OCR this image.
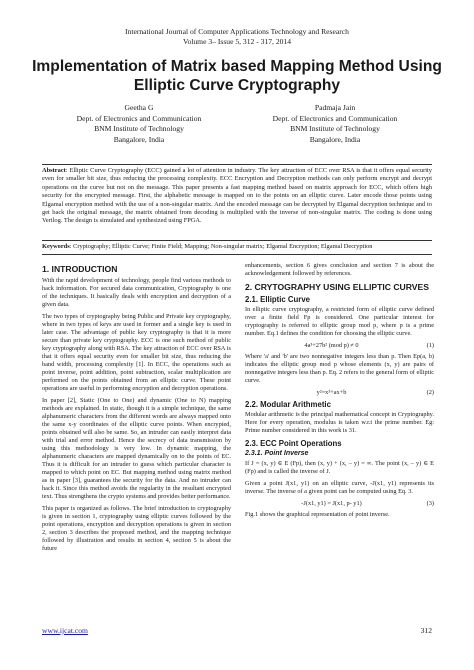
International Journal of Computer Applications Technology and Research
Volume 3– Issue 5, 312 - 317, 2014
Implementation of Matrix based Mapping Method Using Elliptic Curve Cryptography
Geetha G
Dept. of Electronics and Communication
BNM Institute of Technology
Bangalore, India
Padmaja Jain
Dept. of Electronics and Communication
BNM Institute of Technology
Bangalore, India
Abstract: Elliptic Curve Cryptography (ECC) gained a lot of attention in industry. The key attraction of ECC over RSA is that it offers equal security even for smaller bit size, thus reducing the processing complexity. ECC Encryption and Decryption methods can only perform encrypt and decrypt operations on the curve but not on the message. This paper presents a fast mapping method based on matrix approach for ECC, which offers high security for the encrypted message. First, the alphabetic message is mapped on to the points on an elliptic curve. Later encode those points using Elgamal encryption method with the use of a non-singular matrix. And the encoded message can be decrypted by Elgamal decryption technique and to get back the original message, the matrix obtained from decoding is multiplied with the inverse of non-singular matrix. The coding is done using Verilog. The design is simulated and synthesized using FPGA.
Keywords: Cryptography; Elliptic Curve; Finite Field; Mapping; Non-singular matrix; Elgamal Encryption; Elgamal Decryption
1. INTRODUCTION

With the rapid development of technology, people find various methods to hack information. For secured data communication, Cryptography is one of the techniques. It basically deals with encryption and decryption of a given data.

The two types of cryptography being Public and Private key cryptography, where in two types of keys are used in former and a single key is used in later case. The advantage of public key cryptography is that it is more secure than private key cryptography. ECC is one such method of public key cryptography along with RSA. The key attraction of ECC over RSA is that it offers equal security even for smaller bit size, thus reducing the band width, processing complexity [1]. In ECC, the operations such as point inverse, point addition, point subtraction, scalar multiplication are performed on the points obtained from an elliptic curve. These point operations are useful in performing encryption and decryption operations.

In paper [2], Static (One to One) and dynamic (One to N) mapping methods are explained. In static, though it is a simple technique, the same alphanumeric characters from the different words are always mapped onto the same x-y coordinates of the elliptic curve points. When encrypted, points obtained will also be same. So, an intruder can easily interpret data with trial and error method. Hence the secrecy of data transmission by using this methodology is very low. In dynamic mapping, the alphanumeric characters are mapped dynamically on to the points of EC. Thus it is difficult for an intruder to guess which particular character is mapped to which point on EC. But mapping method using matrix method as in paper [3], guarantees the security for the data. And no intruder can hack it. Since this method avoids the regularity in the resultant encrypted text. Thus strengthens the crypto systems and provides better performance.

This paper is organized as follows. The brief introduction to cryptography is given in section 1, cryptography using elliptic curves followed by the point operations, encryption and decryption operations is given in section 2, section 3 describes the proposed method, and the mapping technique followed by illustration and results in section 4, section 5 is about the future

enhancements, section 6 gives conclusion and section 7 is about the acknowledgement followed by references.

2. CRYTOGRAPHY USING ELLIPTIC CURVES
2.1. Elliptic Curve

In elliptic curve cryptography, a restricted form of elliptic curve defined over a finite field Fp is considered. One particular interest for cryptography is referred to elliptic group mod p, where p is a prime number. Eq.1 defines the condition for choosing the elliptic curve.

4a³+27b² (mod p) ≠ 0	(1)

Where 'a' and 'b' are two nonnegative integers less than p. Then Ep(a, b) indicates the elliptic group mod p whose elements (x, y) are pairs of nonnegative integers less than p. Eq. 2 refers to the general form of elliptic curve.

y²=x³+ax+b	(2)
2.2. Modular Arithmetic

Modular arithmetic is the principal mathematical concept in Cryptography. Here for every operation, modulus is taken w.r.t the prime number. Eg: Prime number considered in this work is 31.

2.3. ECC Point Operations
2.3.1. Point Inverse

If J = (x, y) ∈ E (Fp), then (x, y) + (x, – y) = ∞. The point (x, – y) ∈ E (Fp) and is called the inverse of J.

Given a point J(x1, y1) on an elliptic curve, -J(x1, y1) represents its inverse. The inverse of a given point can be computed using Eq. 3.

-J(x1, y1) = J(x1, p- y1)	(3)

Fig.1 shows the graphical representation of point inverse.

www.ijcat.com	312
